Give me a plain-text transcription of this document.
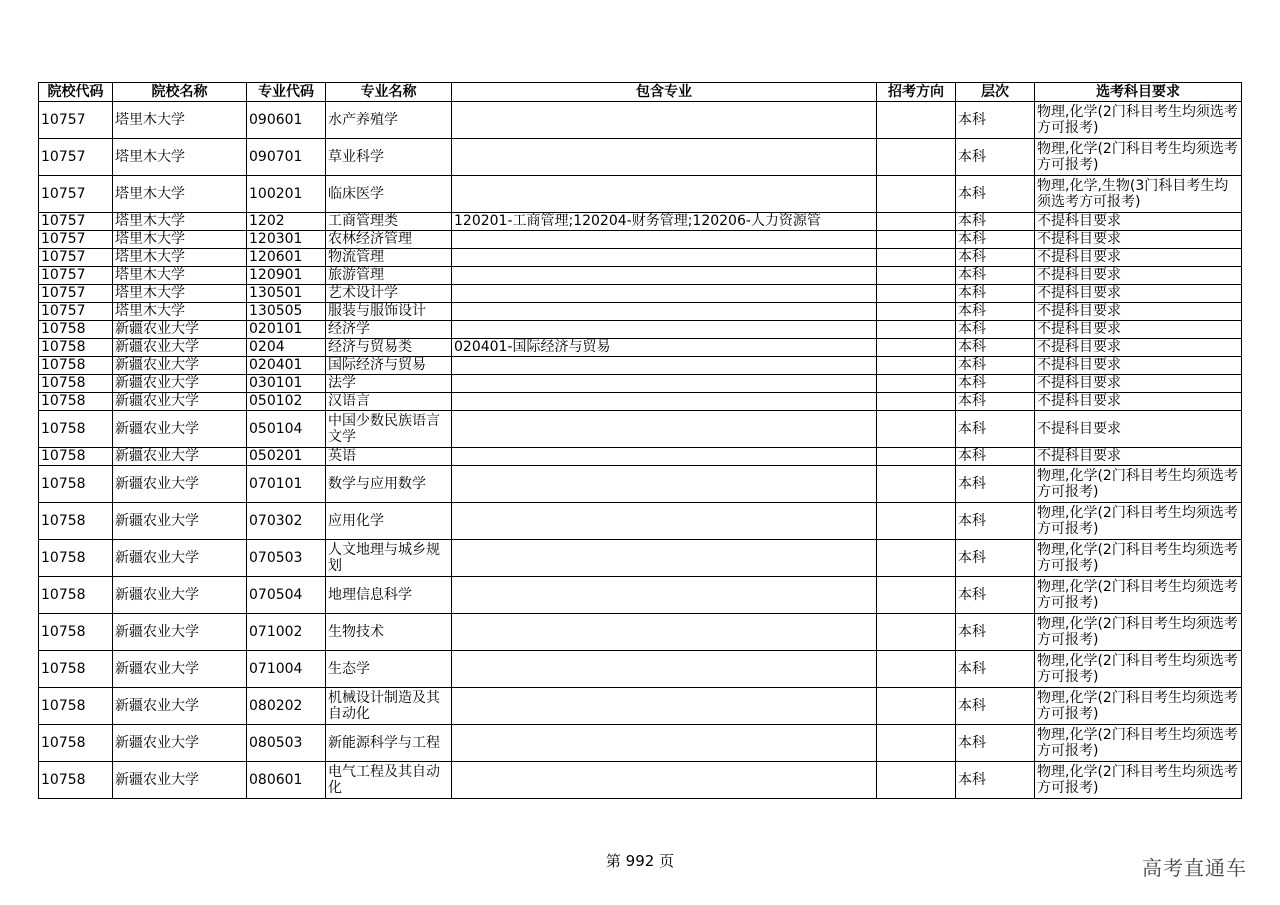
院校代码	院校名称	专业代码	专业名称	包含专业	招考方向	层次	选考科目要求
10757	塔里木大学	090601	水产养殖学			本科	物理,化学(2门科目考生均须选考方可报考)
10757	塔里木大学	090701	草业科学			本科	物理,化学(2门科目考生均须选考方可报考)
10757	塔里木大学	100201	临床医学			本科	物理,化学,生物(3门科目考生均须选考方可报考)
10757	塔里木大学	1202	工商管理类	120201-工商管理;120204-财务管理;120206-人力资源管		本科	不提科目要求
10757	塔里木大学	120301	农林经济管理			本科	不提科目要求
10757	塔里木大学	120601	物流管理			本科	不提科目要求
10757	塔里木大学	120901	旅游管理			本科	不提科目要求
10757	塔里木大学	130501	艺术设计学			本科	不提科目要求
10757	塔里木大学	130505	服装与服饰设计			本科	不提科目要求
10758	新疆农业大学	020101	经济学			本科	不提科目要求
10758	新疆农业大学	0204	经济与贸易类	020401-国际经济与贸易		本科	不提科目要求
10758	新疆农业大学	020401	国际经济与贸易			本科	不提科目要求
10758	新疆农业大学	030101	法学			本科	不提科目要求
10758	新疆农业大学	050102	汉语言			本科	不提科目要求
10758	新疆农业大学	050104	中国少数民族语言文学			本科	不提科目要求
10758	新疆农业大学	050201	英语			本科	不提科目要求
10758	新疆农业大学	070101	数学与应用数学			本科	物理,化学(2门科目考生均须选考方可报考)
10758	新疆农业大学	070302	应用化学			本科	物理,化学(2门科目考生均须选考方可报考)
10758	新疆农业大学	070503	人文地理与城乡规划			本科	物理,化学(2门科目考生均须选考方可报考)
10758	新疆农业大学	070504	地理信息科学			本科	物理,化学(2门科目考生均须选考方可报考)
10758	新疆农业大学	071002	生物技术			本科	物理,化学(2门科目考生均须选考方可报考)
10758	新疆农业大学	071004	生态学			本科	物理,化学(2门科目考生均须选考方可报考)
10758	新疆农业大学	080202	机械设计制造及其自动化			本科	物理,化学(2门科目考生均须选考方可报考)
10758	新疆农业大学	080503	新能源科学与工程			本科	物理,化学(2门科目考生均须选考方可报考)
10758	新疆农业大学	080601	电气工程及其自动化			本科	物理,化学(2门科目考生均须选考方可报考)
第 992 页	高考直通车
